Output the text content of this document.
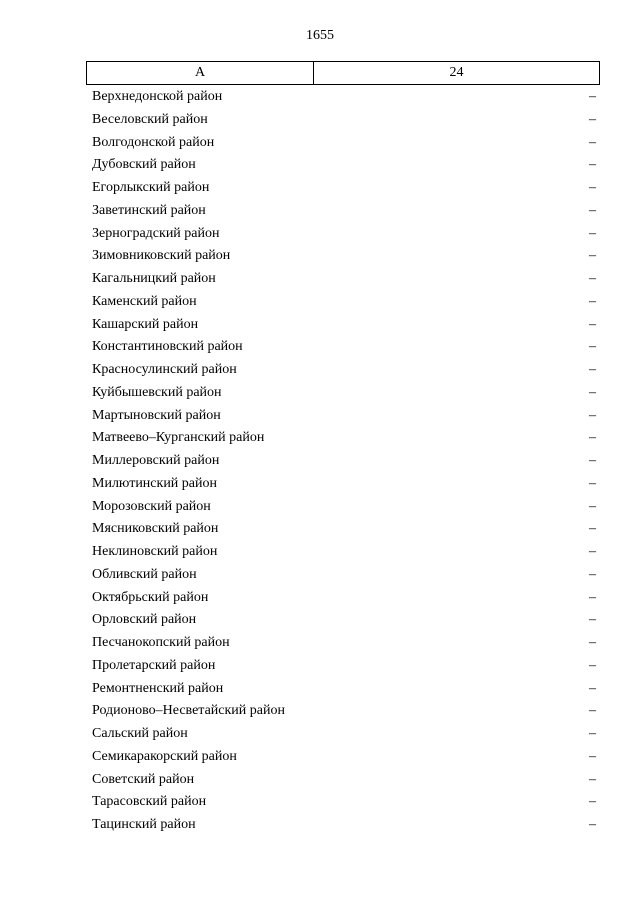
1655
А	24
Верхнедонской район	–
Веселовский район	–
Волгодонской район	–
Дубовский район	–
Егорлыкский район	–
Заветинский район	–
Зерноградский район	–
Зимовниковский район	–
Кагальницкий район	–
Каменский район	–
Кашарский район	–
Константиновский район	–
Красносулинский район	–
Куйбышевский район	–
Мартыновский район	–
Матвеево–Курганский район	–
Миллеровский район	–
Милютинский район	–
Морозовский район	–
Мясниковский район	–
Неклиновский район	–
Обливский район	–
Октябрьский район	–
Орловский район	–
Песчанокопский район	–
Пролетарский район	–
Ремонтненский район	–
Родионово–Несветайский район	–
Сальский район	–
Семикаракорский район	–
Советский район	–
Тарасовский район	–
Тацинский район	–
